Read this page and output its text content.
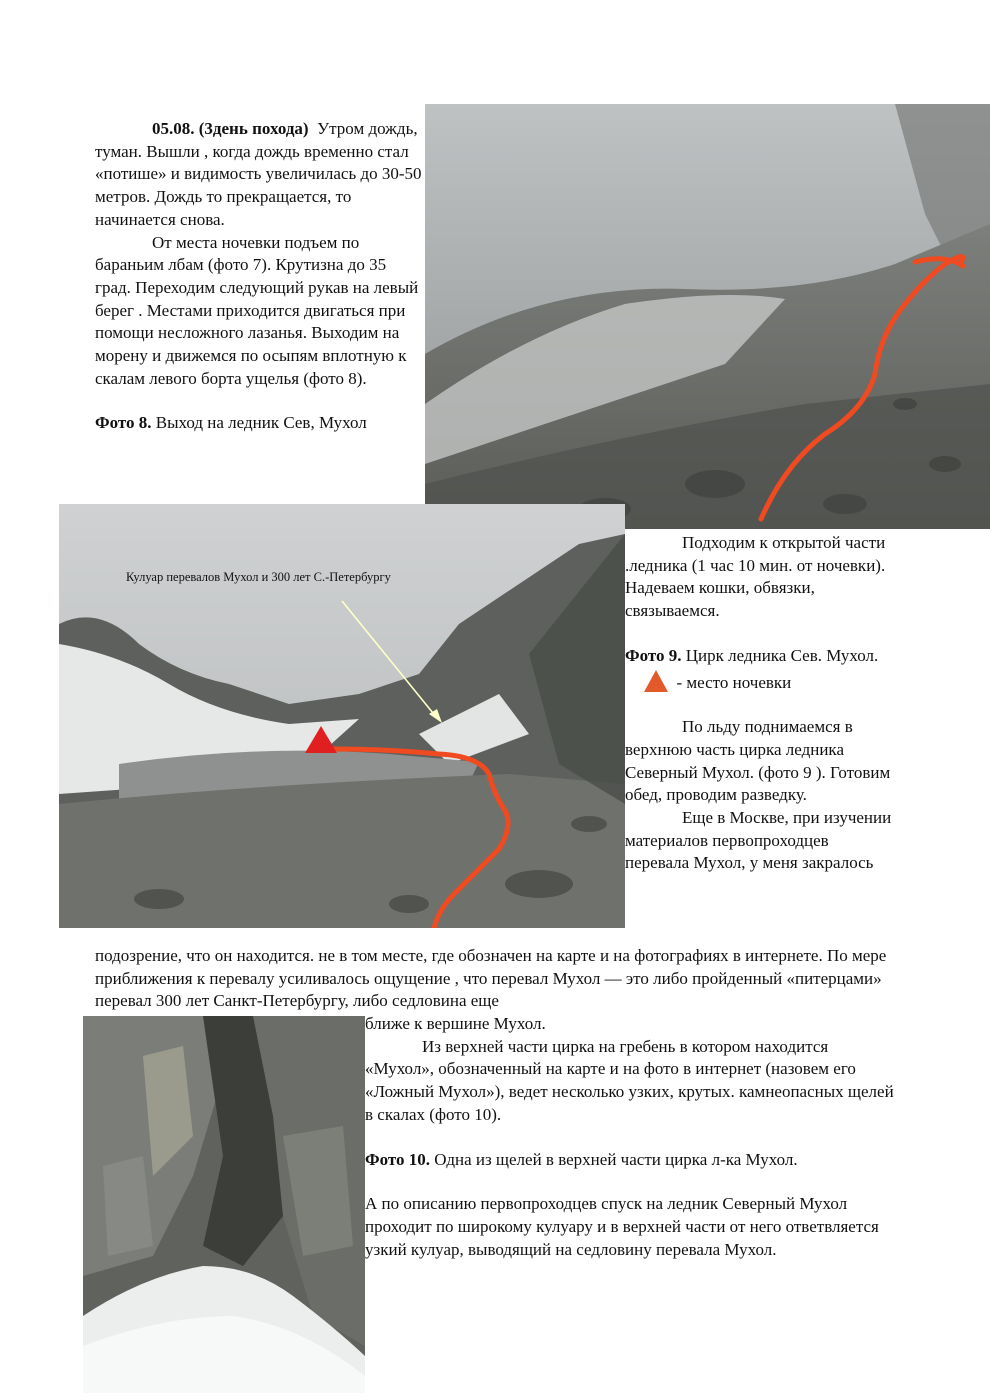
05.08. (3день похода) Утром дождь, туман. Вышли , когда дождь временно стал «потише» и видимость увеличилась до 30-50 метров. Дождь то прекращается, то начинается снова.

От места ночевки подъем по бараньим лбам (фото 7). Крутизна до 35 град. Переходим следующий рукав на левый берег . Местами приходится двигаться при помощи несложного лазанья. Выходим на морену и движемся по осыпям вплотную к скалам левого борта ущелья (фото 8).

Фото 8. Выход на ледник Сев, Мухол

Кулуар перевалов Мухол и 300 лет С.-Петербургу

Подходим к открытой части .ледника (1 час 10 мин. от ночевки). Надеваем кошки, обвязки, связываемся.

Фото 9. Цирк ледника Сев. Мухол.

- место ночевки

По льду поднимаемся в верхнюю часть цирка ледника Северный Мухол. (фото 9 ). Готовим обед, проводим разведку.

Еще в Москве, при изучении материалов первопроходцев перевала Мухол, у меня закралось

подозрение, что он находится. не в том месте, где обозначен на карте и на фотографиях в интернете. По мере приближения к перевалу усиливалось ощущение , что перевал Мухол — это либо пройденный «питерцами» перевал 300 лет Санкт-Петербургу, либо седловина еще

ближе к вершине Мухол.

Из верхней части цирка на гребень в котором находится «Мухол», обозначенный на карте и на фото в интернет (назовем его «Ложный Мухол»), ведет несколько узких, крутых. камнеопасных щелей в скалах (фото 10).

Фото 10. Одна из щелей в верхней части цирка л-ка Мухол.

А по описанию первопроходцев спуск на ледник Северный Мухол проходит по широкому кулуару и в верхней части от него ответвляется узкий кулуар, выводящий на седловину перевала Мухол.
